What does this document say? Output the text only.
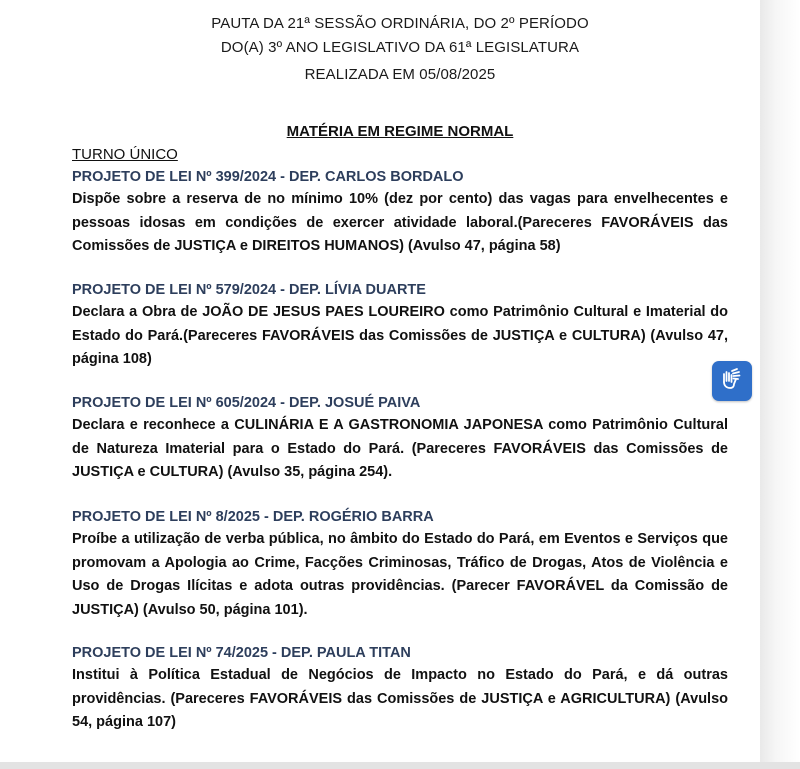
PAUTA DA 21ª SESSÃO ORDINÁRIA, DO 2º PERÍODO
DO(A) 3º ANO LEGISLATIVO DA 61ª LEGISLATURA
REALIZADA EM 05/08/2025
MATÉRIA EM REGIME NORMAL
TURNO ÚNICO
PROJETO DE LEI Nº 399/2024 - DEP. CARLOS BORDALO

Dispõe sobre a reserva de no mínimo 10% (dez por cento) das vagas para envelhecentes e pessoas idosas em condições de exercer atividade laboral.(Pareceres FAVORÁVEIS das Comissões de JUSTIÇA e DIREITOS HUMANOS) (Avulso 47, página 58)

PROJETO DE LEI Nº 579/2024 - DEP. LÍVIA DUARTE

Declara a Obra de JOÃO DE JESUS PAES LOUREIRO como Patrimônio Cultural e Imaterial do Estado do Pará.(Pareceres FAVORÁVEIS das Comissões de JUSTIÇA e CULTURA) (Avulso 47, página 108)

PROJETO DE LEI Nº 605/2024 - DEP. JOSUÉ PAIVA

Declara e reconhece a CULINÁRIA E A GASTRONOMIA JAPONESA como Patrimônio Cultural de Natureza Imaterial para o Estado do Pará. (Pareceres FAVORÁVEIS das Comissões de JUSTIÇA e CULTURA) (Avulso 35, página 254).

PROJETO DE LEI Nº 8/2025 - DEP. ROGÉRIO BARRA

Proíbe a utilização de verba pública, no âmbito do Estado do Pará, em Eventos e Serviços que promovam a Apologia ao Crime, Facções Criminosas, Tráfico de Drogas, Atos de Violência e Uso de Drogas Ilícitas e adota outras providências. (Parecer FAVORÁVEL da Comissão de JUSTIÇA) (Avulso 50, página 101).

PROJETO DE LEI Nº 74/2025 - DEP. PAULA TITAN

Institui à Política Estadual de Negócios de Impacto no Estado do Pará, e dá outras providências. (Pareceres FAVORÁVEIS das Comissões de JUSTIÇA e AGRICULTURA) (Avulso 54, página 107)
